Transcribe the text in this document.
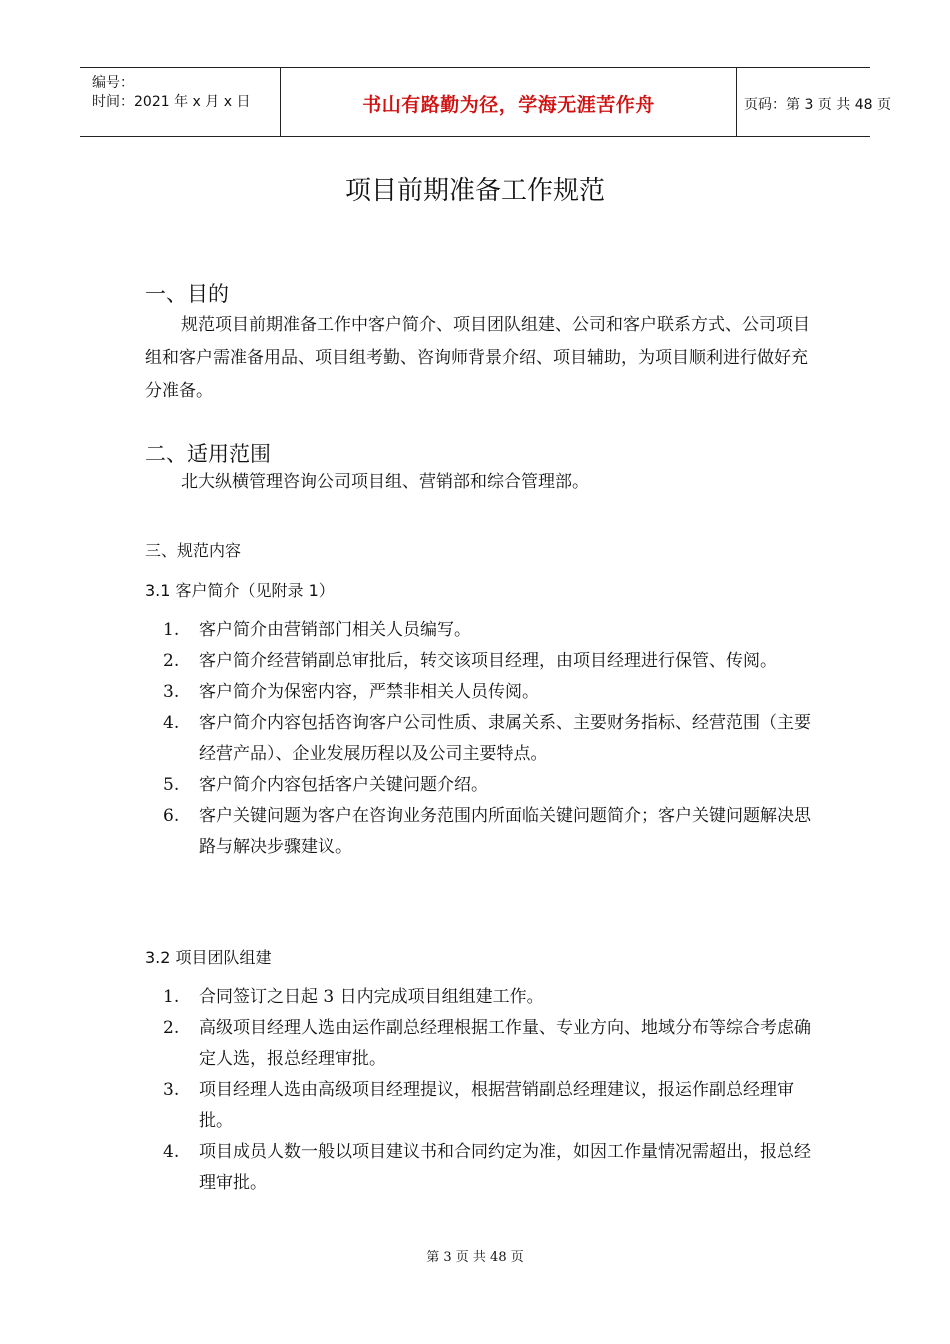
编号：
时间：2021 年 x 月 x 日	书山有路勤为径，学海无涯苦作舟	页码：第 3 页 共 48 页
项目前期准备工作规范
一、目的
规范项目前期准备工作中客户简介、项目团队组建、公司和客户联系方式、公司项目组和客户需准备用品、项目组考勤、咨询师背景介绍、项目辅助，为项目顺利进行做好充分准备。
二、适用范围
北大纵横管理咨询公司项目组、营销部和综合管理部。
三、规范内容
3.1 客户简介（见附录 1）
1. 客户简介由营销部门相关人员编写。
2. 客户简介经营销副总审批后，转交该项目经理，由项目经理进行保管、传阅。
3. 客户简介为保密内容，严禁非相关人员传阅。
4. 客户简介内容包括咨询客户公司性质、隶属关系、主要财务指标、经营范围（主要经营产品）、企业发展历程以及公司主要特点。
5. 客户简介内容包括客户关键问题介绍。
6. 客户关键问题为客户在咨询业务范围内所面临关键问题简介；客户关键问题解决思路与解决步骤建议。
3.2 项目团队组建
1. 合同签订之日起 3 日内完成项目组组建工作。
2. 高级项目经理人选由运作副总经理根据工作量、专业方向、地域分布等综合考虑确定人选，报总经理审批。
3. 项目经理人选由高级项目经理提议，根据营销副总经理建议，报运作副总经理审批。
4. 项目成员人数一般以项目建议书和合同约定为准，如因工作量情况需超出，报总经理审批。
第 3 页 共 48 页
